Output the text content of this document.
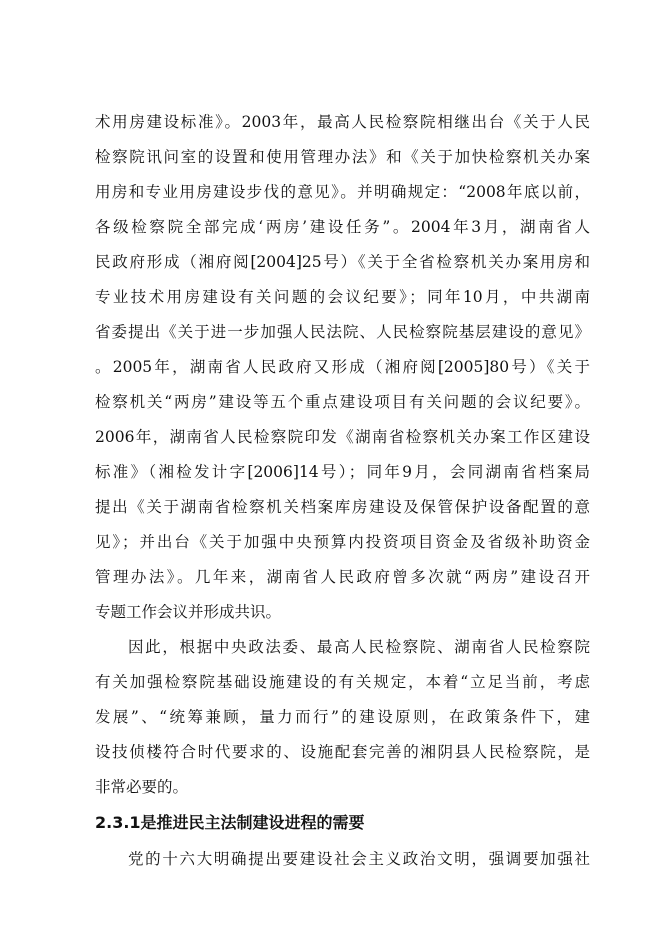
术用房建设标准》。2003年，最高人民检察院相继出台《关于人民
检察院讯问室的设置和使用管理办法》和《关于加快检察机关办案
用房和专业用房建设步伐的意见》。并明确规定：“2008年底以前，
各级检察院全部完成‘两房’建设任务”。2004年3月，湖南省人
民政府形成（湘府阅[2004]25号）《关于全省检察机关办案用房和
专业技术用房建设有关问题的会议纪要》；同年10月，中共湖南
省委提出《关于进一步加强人民法院、人民检察院基层建设的意见》
。2005年，湖南省人民政府又形成（湘府阅[2005]80号）《关于
检察机关“两房”建设等五个重点建设项目有关问题的会议纪要》。
2006年，湖南省人民检察院印发《湖南省检察机关办案工作区建设
标准》（湘检发计字[2006]14号）；同年9月，会同湖南省档案局
提出《关于湖南省检察机关档案库房建设及保管保护设备配置的意
见》；并出台《关于加强中央预算内投资项目资金及省级补助资金
管理办法》。几年来，湖南省人民政府曾多次就“两房”建设召开
专题工作会议并形成共识。
因此，根据中央政法委、最高人民检察院、湖南省人民检察院
有关加强检察院基础设施建设的有关规定，本着“立足当前，考虑
发展”、“统筹兼顾，量力而行”的建设原则，在政策条件下，建
设技侦楼符合时代要求的、设施配套完善的湘阴县人民检察院，是
非常必要的。
2.3.1是推进民主法制建设进程的需要
党的十六大明确提出要建设社会主义政治文明，强调要加强社
